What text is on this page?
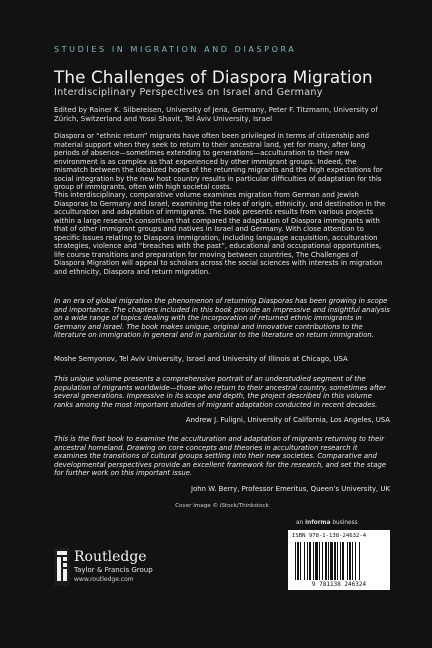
STUDIES IN MIGRATION AND DIASPORA
The Challenges of Diaspora Migration
Interdisciplinary Perspectives on Israel and Germany
Edited by Rainer K. Silbereisen, University of Jena, Germany, Peter F. Titzmann, University of Zürich, Switzerland and Yossi Shavit, Tel Aviv University, Israel

Diaspora or “ethnic return” migrants have often been privileged in terms of citizenship and material support when they seek to return to their ancestral land, yet for many, after long periods of absence—sometimes extending to generations—acculturation to their new environment is as complex as that experienced by other immigrant groups. Indeed, the mismatch between the idealized hopes of the returning migrants and the high expectations for social integration by the new host country results in particular difficulties of adaptation for this group of immigrants, often with high societal costs.

This interdisciplinary, comparative volume examines migration from German and Jewish Diasporas to Germany and Israel, examining the roles of origin, ethnicity, and destination in the acculturation and adaptation of immigrants. The book presents results from various projects within a large research consortium that compared the adaptation of Diaspora immigrants with that of other immigrant groups and natives in Israel and Germany. With close attention to specific issues relating to Diaspora immigration, including language acquisition, acculturation strategies, violence and “breaches with the past”, educational and occupational opportunities, life course transitions and preparation for moving between countries, The Challenges of Diaspora Migration will appeal to scholars across the social sciences with interests in migration and ethnicity, Diaspora and return migration.

In an era of global migration the phenomenon of returning Diasporas has been growing in scope and importance. The chapters included in this book provide an impressive and insightful analysis on a wide range of topics dealing with the incorporation of returned ethnic immigrants in Germany and Israel. The book makes unique, original and innovative contributions to the literature on immigration in general and in particular to the literature on return immigration.

Moshe Semyonov, Tel Aviv University, Israel and University of Illinois at Chicago, USA

This unique volume presents a comprehensive portrait of an understudied segment of the population of migrants worldwide—those who return to their ancestral country, sometimes after several generations. Impressive in its scope and depth, the project described in this volume ranks among the most important studies of migrant adaptation conducted in recent decades.

Andrew J. Fuligni, University of California, Los Angeles, USA

This is the first book to examine the acculturation and adaptation of migrants returning to their ancestral homeland. Drawing on core concepts and theories in acculturation research it examines the transitions of cultural groups settling into their new societies. Comparative and developmental perspectives provide an excellent framework for the research, and set the stage for further work on this important issue.

John W. Berry, Professor Emeritus, Queen’s University, UK

Cover image © iStock/Thinkstock
an informa business
ISBN 978-1-138-24632-4
9 781138 246324
Routledge
Taylor & Francis Group
www.routledge.com
